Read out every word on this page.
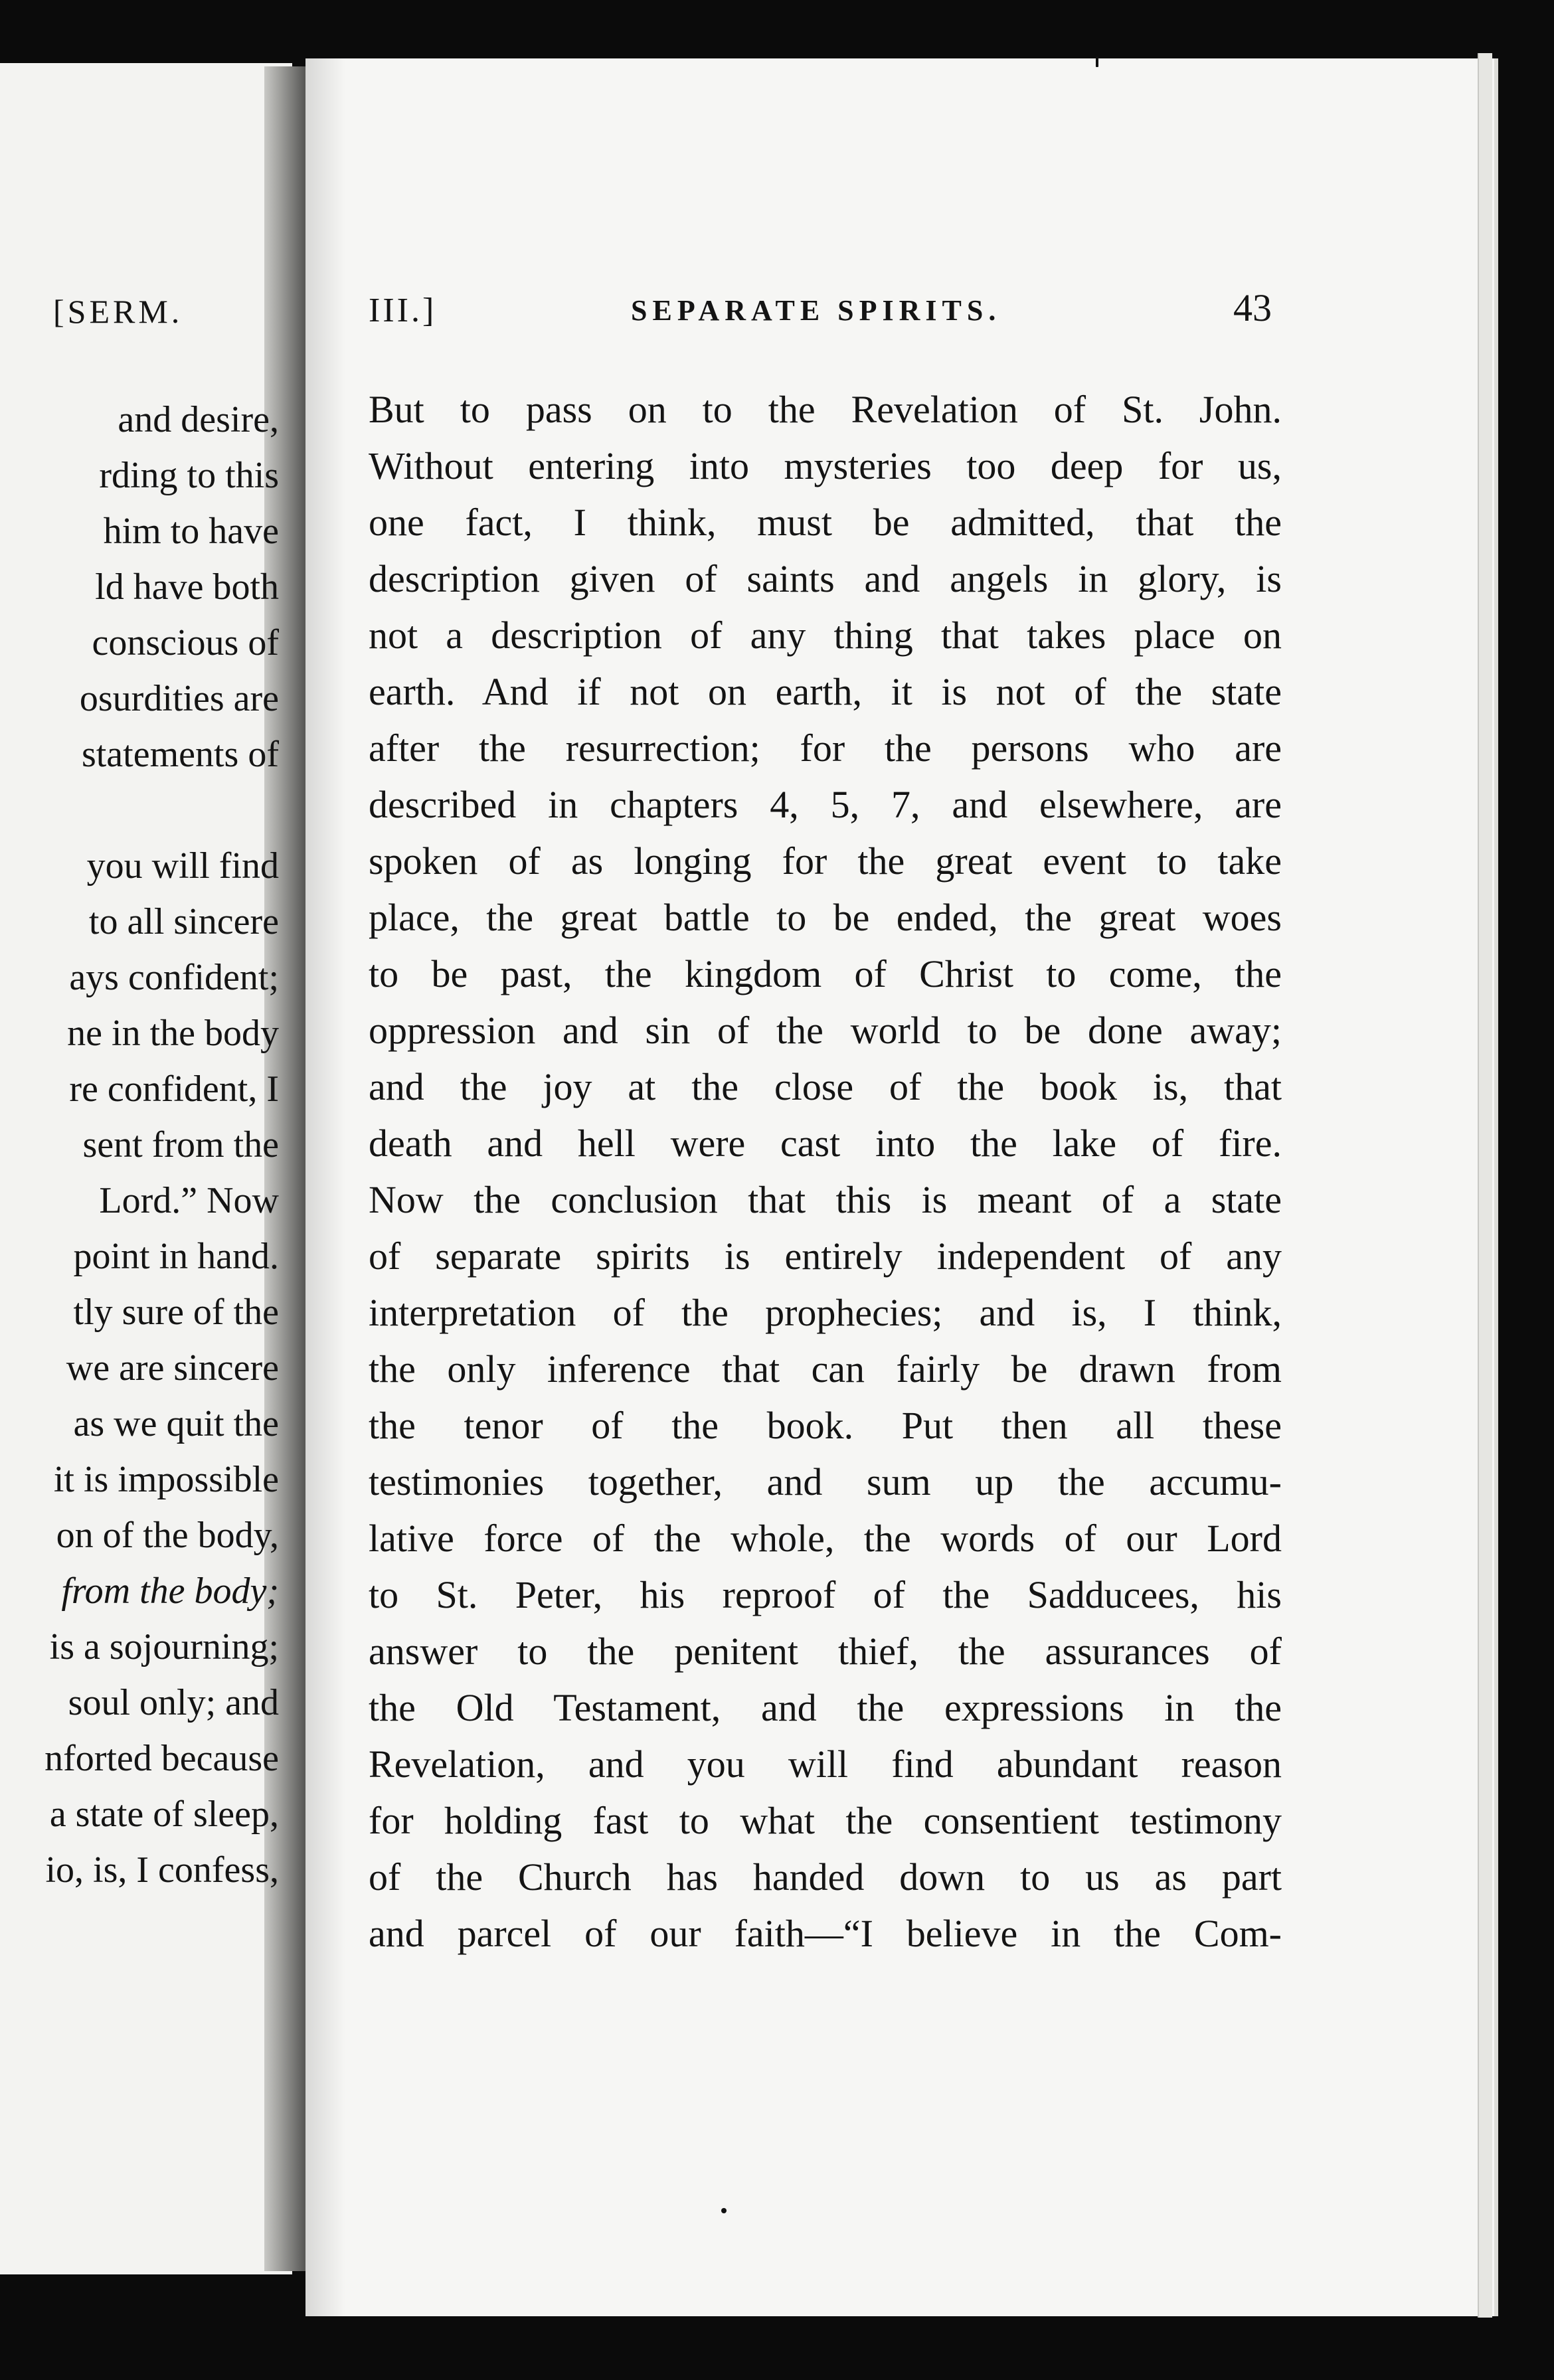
[SERM.
and desire,
rding to this
him to have
ld have both
conscious of
osurdities are
statements of
you will find
to all sincere
ays confident;
ne in the body
re confident, I
sent from the
Lord.” Now
point in hand.
tly sure of the
we are sincere
as we quit the
it is impossible
on of the body,
from the body;
is a sojourning;
soul only; and
nforted because
a state of sleep,
io, is, I confess,
III.]	SEPARATE SPIRITS.	43
But to pass on to the Revelation of St. John.
Without entering into mysteries too deep for us,
one fact, I think, must be admitted, that the
description given of saints and angels in glory, is
not a description of any thing that takes place on
earth. And if not on earth, it is not of the state
after the resurrection; for the persons who are
described in chapters 4, 5, 7, and elsewhere, are
spoken of as longing for the great event to take
place, the great battle to be ended, the great woes
to be past, the kingdom of Christ to come, the
oppression and sin of the world to be done away;
and the joy at the close of the book is, that
death and hell were cast into the lake of fire.
Now the conclusion that this is meant of a state
of separate spirits is entirely independent of any
interpretation of the prophecies; and is, I think,
the only inference that can fairly be drawn from
the tenor of the book. Put then all these
testimonies together, and sum up the accumu-
lative force of the whole, the words of our Lord
to St. Peter, his reproof of the Sadducees, his
answer to the penitent thief, the assurances of
the Old Testament, and the expressions in the
Revelation, and you will find abundant reason
for holding fast to what the consentient testimony
of the Church has handed down to us as part
and parcel of our faith—“I believe in the Com-
